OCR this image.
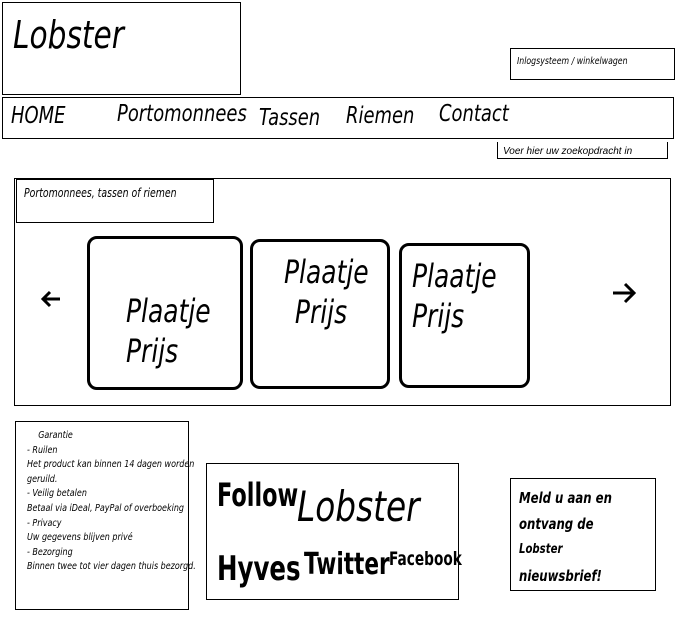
Lobster
Inlogsysteem / winkelwagen
HOME Portomonnees Tassen Riemen Contact
Voer hier uw zoekopdracht in
Portomonnees, tassen of riemen
Plaatje
Prijs
Plaatje
Prijs
Plaatje
Prijs
Garantie
- Ruilen
Het product kan binnen 14 dagen worden
geruild.
- Veilig betalen
Betaal via iDeal, PayPal of overboeking
- Privacy
Uw gegevens blijven privé
- Bezorging
Binnen twee tot vier dagen thuis bezorgd.
Follow
Lobster
Hyves Twitter Facebook
Meld u aan en
ontvang de
Lobster
nieuwsbrief!
